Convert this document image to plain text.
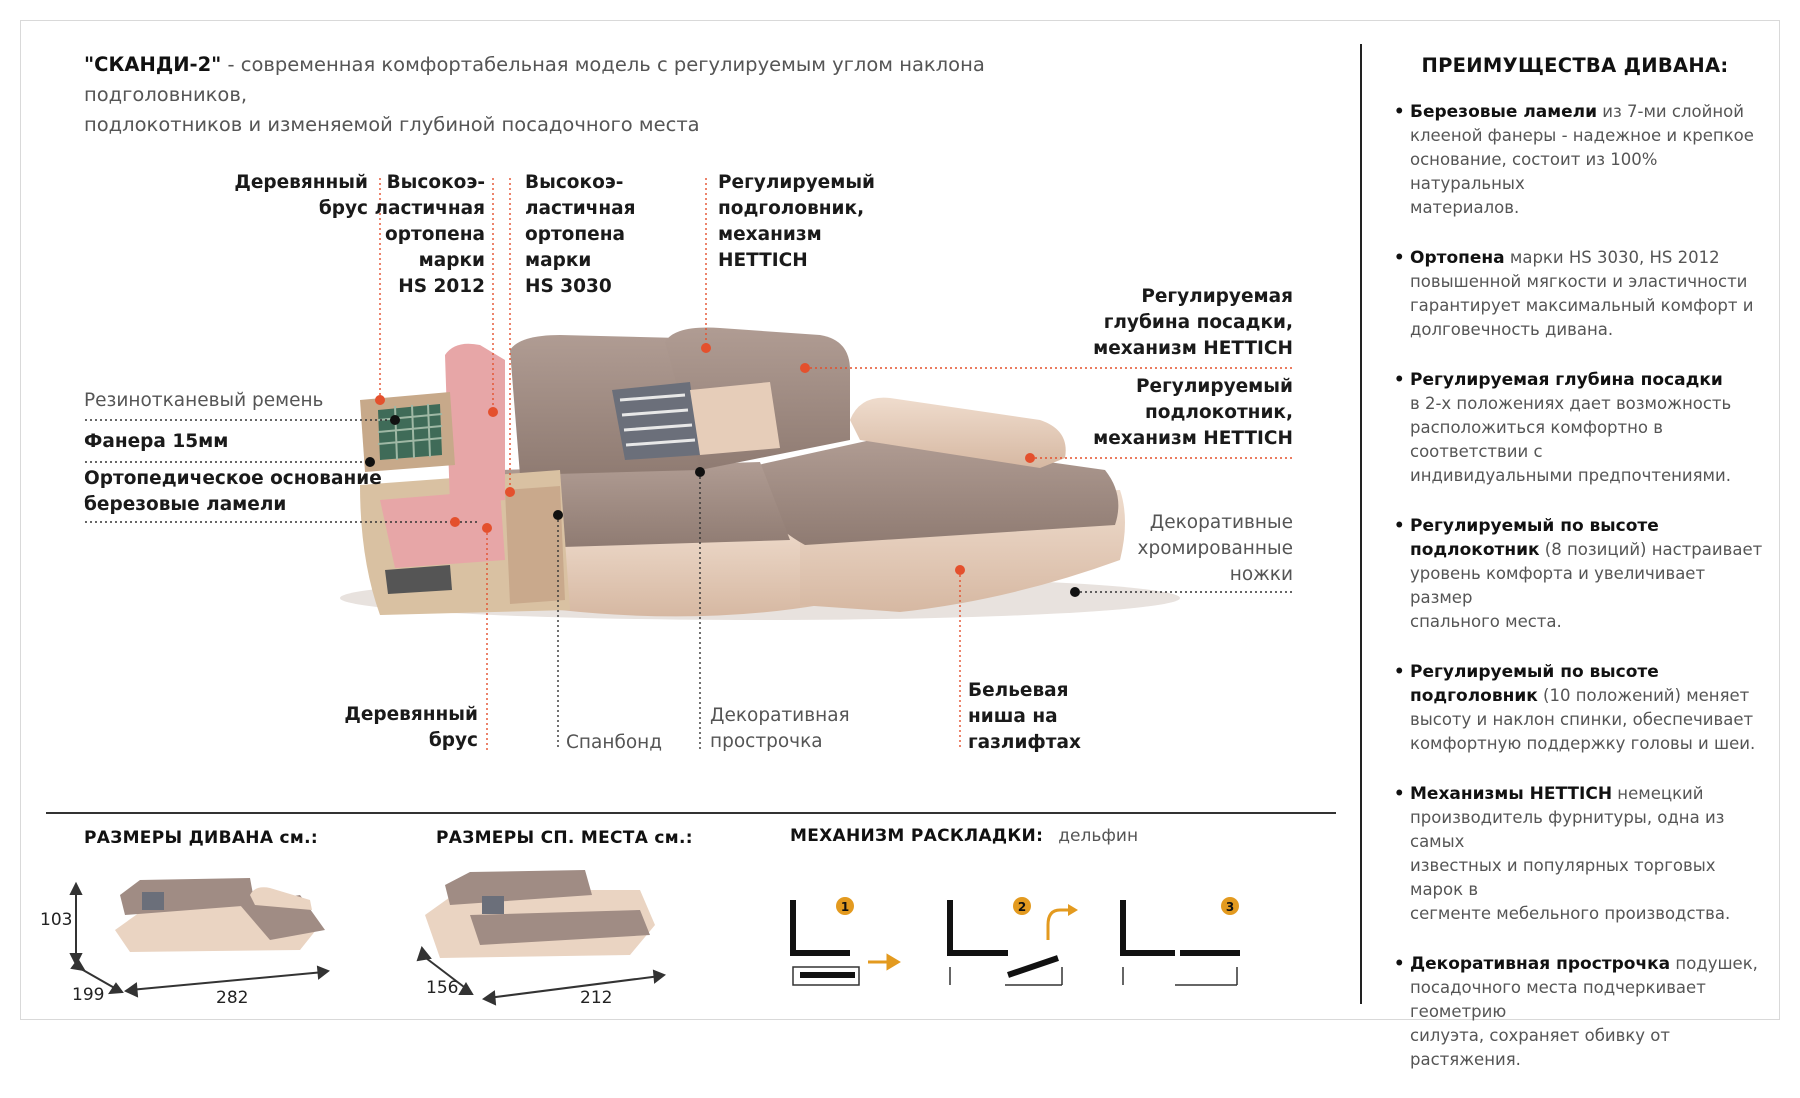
"СКАНДИ-2" - современная комфортабельная модель с регулируемым углом наклона подголовников,
подлокотников и изменяемой глубиной посадочного места
Деревянный
брус
Высокоэ-
ластичная
ортопена
марки
HS 2012
Высокоэ-
ластичная
ортопена
марки
HS 3030
Регулируемый
подголовник,
механизм
HETTICH
Регулируемая
глубина посадки,
механизм HETTICH
Регулируемый
подлокотник,
механизм HETTICH
Резинотканевый ремень
Фанера 15мм
Ортопедическое основание
березовые ламели
Декоративные
хромированные
ножки
Деревянный
брус	Спанбонд
Декоративная
прострочка
Бельевая
ниша на
газлифтах
ПРЕИМУЩЕСТВА ДИВАНА:
• Березовые ламели из 7-ми слойной
клееной фанеры - надежное и крепкое
основание, состоит из 100% натуральных
материалов.
• Ортопена марки HS 3030, HS 2012
повышенной мягкости и эластичности
гарантирует максимальный комфорт и
долговечность дивана.
• Регулируемая глубина посадки
в 2-х положениях дает возможность
расположиться комфортно в соответствии с
индивидуальными предпочтениями.
• Регулируемый по высоте
подлокотник (8 позиций) настраивает
уровень комфорта и увеличивает размер
спального места.
• Регулируемый по высоте
подголовник (10 положений) меняет
высоту и наклон спинки, обеспечивает
комфортную поддержку головы и шеи.
• Механизмы HETTICH немецкий
производитель фурнитуры, одна из самых
известных и популярных торговых марок в
сегменте мебельного производства.
• Декоративная прострочка подушек,
посадочного места подчеркивает геометрию
силуэта, сохраняет обивку от растяжения.
РАЗМЕРЫ ДИВАНА см.:	РАЗМЕРЫ СП. МЕСТА см.:	МЕХАНИЗМ РАСКЛАДКИ: дельфин
103
199	282	156	212
1	2	3
